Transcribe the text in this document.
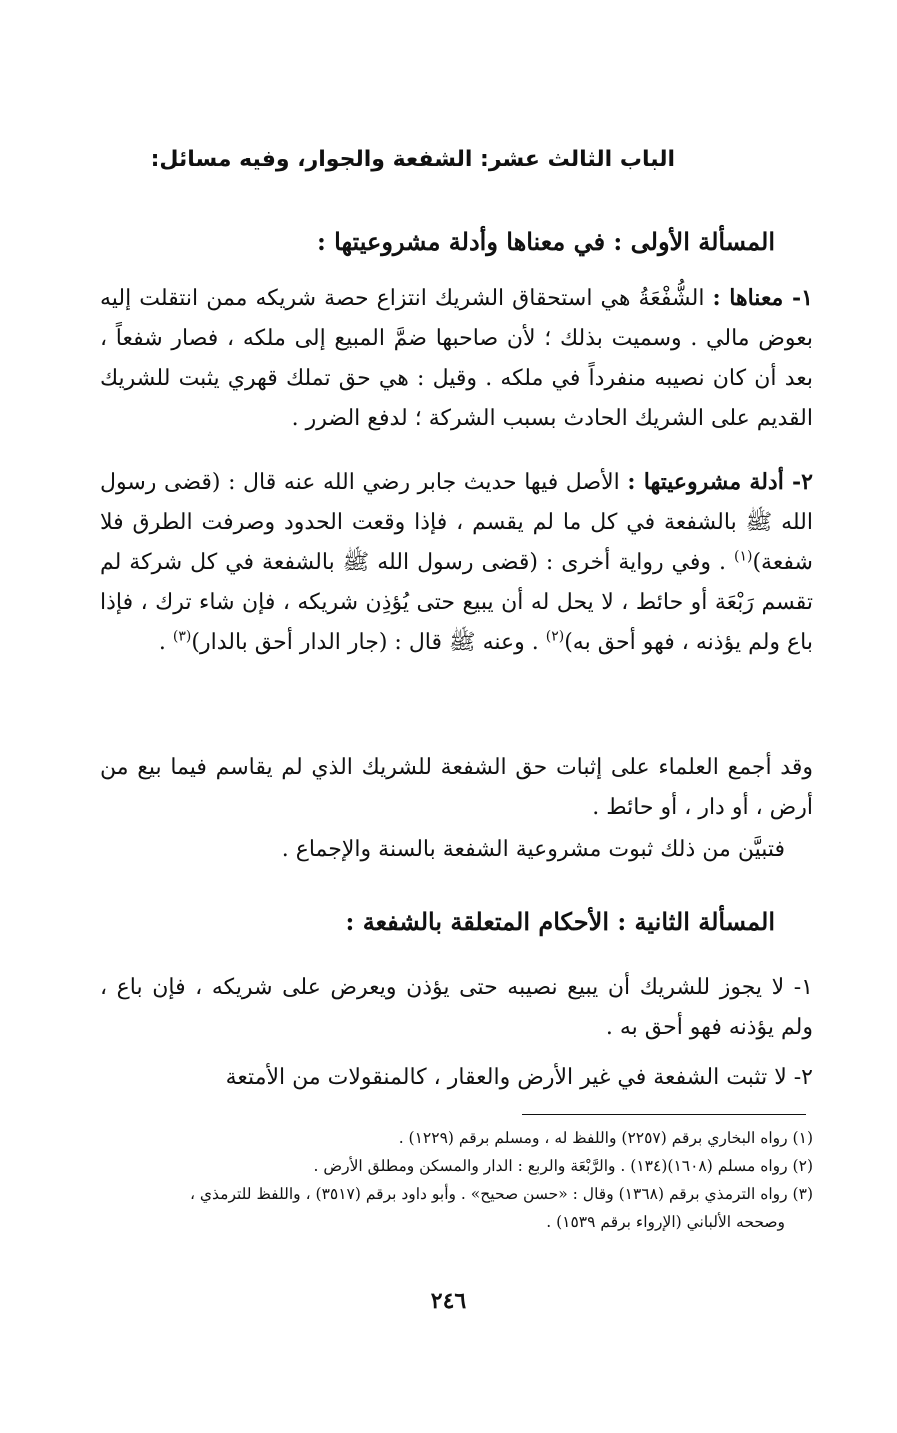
الباب الثالث عشر: الشفعة والجوار، وفيه مسائل:
المسألة الأولى : في معناها وأدلة مشروعيتها :

١- معناها : الشُّفْعَةُ هي استحقاق الشريك انتزاع حصة شريكه ممن انتقلت إليه بعوض مالي . وسميت بذلك ؛ لأن صاحبها ضمَّ المبيع إلى ملكه ، فصار شفعاً ، بعد أن كان نصيبه منفرداً في ملكه . وقيل : هي حق تملك قهري يثبت للشريك القديم على الشريك الحادث بسبب الشركة ؛ لدفع الضرر .

٢- أدلة مشروعيتها : الأصل فيها حديث جابر رضي الله عنه قال : (قضى رسول الله ﷺ بالشفعة في كل ما لم يقسم ، فإذا وقعت الحدود وصرفت الطرق فلا شفعة)$^{(١)}$ . وفي رواية أخرى : (قضى رسول الله ﷺ بالشفعة في كل شركة لم تقسم رَبْعَة أو حائط ، لا يحل له أن يبيع حتى يُؤذِن شريكه ، فإن شاء ترك ، فإذا باع ولم يؤذنه ، فهو أحق به)$^{(٢)}$ . وعنه ﷺ قال : (جار الدار أحق بالدار)$^{(٣)}$ .

وقد أجمع العلماء على إثبات حق الشفعة للشريك الذي لم يقاسم فيما بيع من أرض ، أو دار ، أو حائط .

فتبيَّن من ذلك ثبوت مشروعية الشفعة بالسنة والإجماع .

المسألة الثانية : الأحكام المتعلقة بالشفعة :

١- لا يجوز للشريك أن يبيع نصيبه حتى يؤذن ويعرض على شريكه ، فإن باع ، ولم يؤذنه فهو أحق به .

٢- لا تثبت الشفعة في غير الأرض والعقار ، كالمنقولات من الأمتعة

(١) رواه البخاري برقم (٢٢٥٧) واللفظ له ، ومسلم برقم (١٢٢٩) .

(٢) رواه مسلم (١٦٠٨)(١٣٤) . والرَّبْعَة والربع : الدار والمسكن ومطلق الأرض .

(٣) رواه الترمذي برقم (١٣٦٨) وقال : «حسن صحيح» . وأبو داود برقم (٣٥١٧) ، واللفظ للترمذي ،
وصححه الألباني (الإرواء برقم ١٥٣٩) .

٢٤٦
